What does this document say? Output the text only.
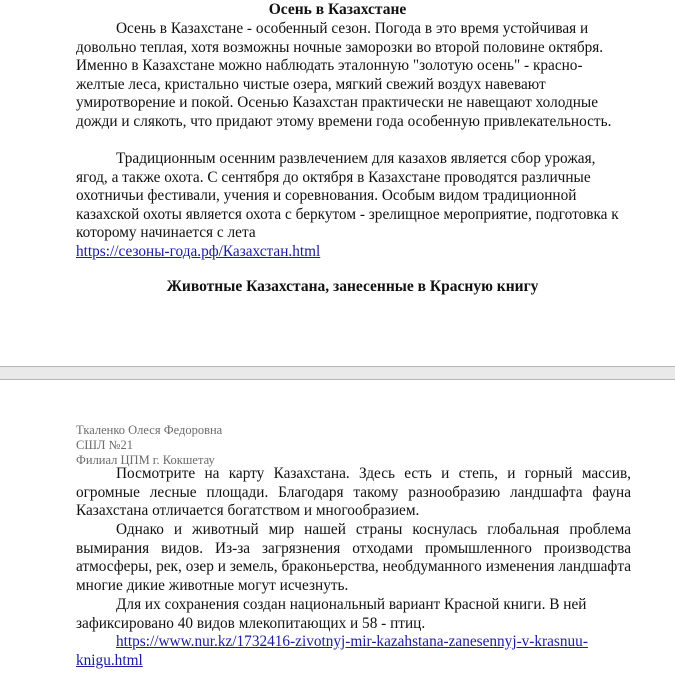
Осень в Казахстане

Осень в Казахстане - особенный сезон. Погода в это время устойчивая и довольно теплая, хотя возможны ночные заморозки во второй половине октября. Именно в Казахстане можно наблюдать эталонную "золотую осень" - красно-желтые леса, кристально чистые озера, мягкий свежий воздух навевают умиротворение и покой. Осенью Казахстан практически не навещают холодные дожди и слякоть, что придают этому времени года особенную привлекательность.

Традиционным осенним развлечением для казахов является сбор урожая, ягод, а также охота. С сентября до октября в Казахстане проводятся различные охотничьи фестивали, учения и соревнования. Особым видом традиционной казахской охоты является охота с беркутом - зрелищное мероприятие, подготовка к которому начинается с лета
https://сезоны-года.рф/Казахстан.html

Животные Казахстана, занесенные в Красную книгу
Ткаленко Олеся Федоровна
СШЛ №21
Филиал ЦПМ г. Кокшетау

Посмотрите на карту Казахстана. Здесь есть и степь, и горный массив, огромные лесные площади. Благодаря такому разнообразию ландшафта фауна Казахстана отличается богатством и многообразием.

Однако и животный мир нашей страны коснулась глобальная проблема вымирания видов. Из-за загрязнения отходами промышленного производства атмосферы, рек, озер и земель, браконьерства, необдуманного изменения ландшафта многие дикие животные могут исчезнуть.

Для их сохранения создан национальный вариант Красной книги. В ней зафиксировано 40 видов млекопитающих и 58 - птиц.

https://www.nur.kz/1732416-zivotnyj-mir-kazahstana-zanesennyj-v-krasnuu-knigu.html
